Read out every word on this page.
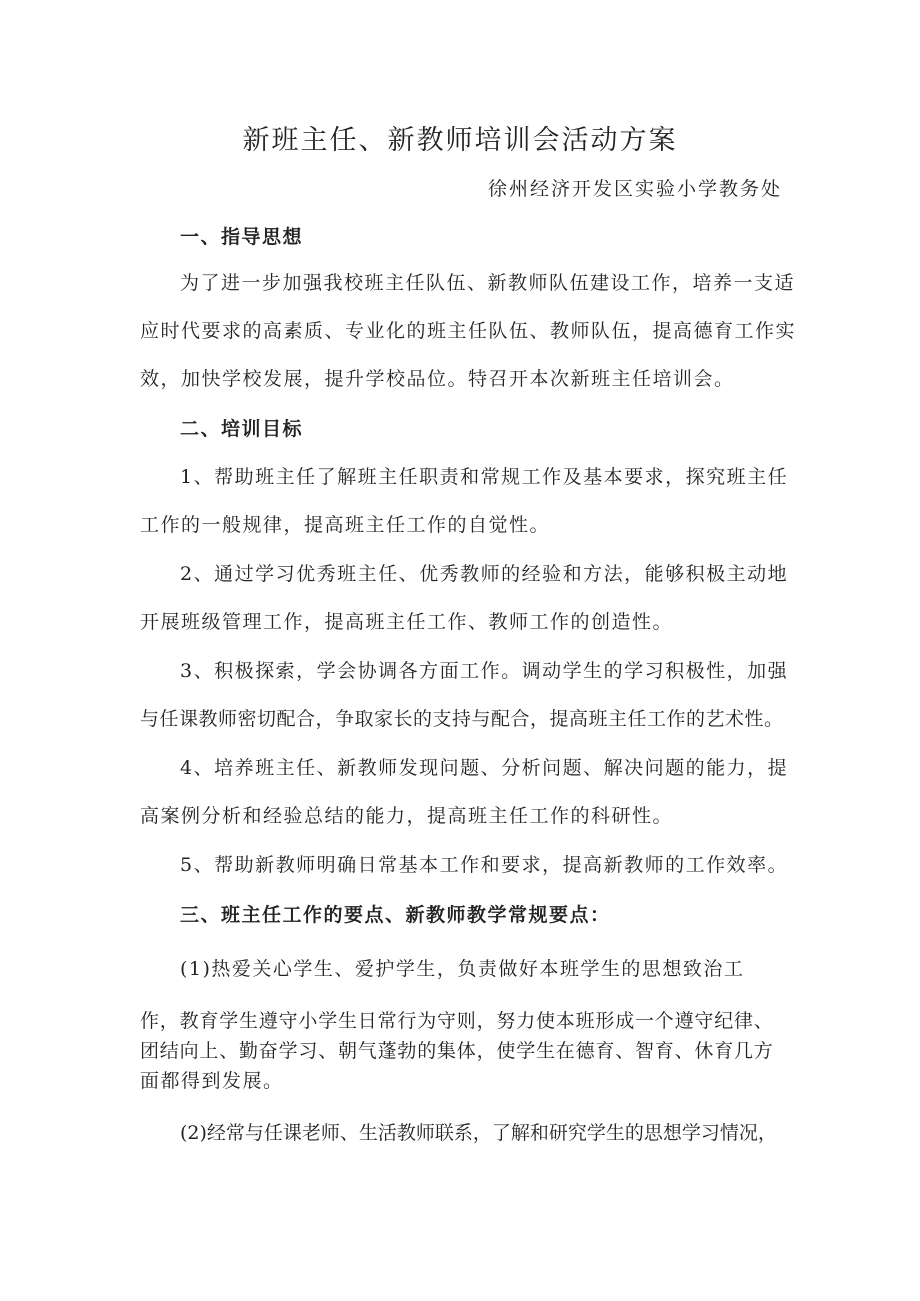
新班主任、新教师培训会活动方案
徐州经济开发区实验小学教务处
一、指导思想
为了进一步加强我校班主任队伍、新教师队伍建设工作，培养一支适
应时代要求的高素质、专业化的班主任队伍、教师队伍，提高德育工作实
效，加快学校发展，提升学校品位。特召开本次新班主任培训会。
二、培训目标
1、帮助班主任了解班主任职责和常规工作及基本要求，探究班主任
工作的一般规律，提高班主任工作的自觉性。
2、通过学习优秀班主任、优秀教师的经验和方法，能够积极主动地
开展班级管理工作，提高班主任工作、教师工作的创造性。
3、积极探索，学会协调各方面工作。调动学生的学习积极性，加强
与任课教师密切配合，争取家长的支持与配合，提高班主任工作的艺术性。
4、培养班主任、新教师发现问题、分析问题、解决问题的能力，提
高案例分析和经验总结的能力，提高班主任工作的科研性。
5、帮助新教师明确日常基本工作和要求，提高新教师的工作效率。
三、班主任工作的要点、新教师教学常规要点：
(1)热爱关心学生、爱护学生，负责做好本班学生的思想致治工
作，教育学生遵守小学生日常行为守则，努力使本班形成一个遵守纪律、
团结向上、勤奋学习、朝气蓬勃的集体，使学生在德育、智育、休育几方
面都得到发展。
(2)经常与任课老师、生活教师联系，了解和研究学生的思想学习情况，
